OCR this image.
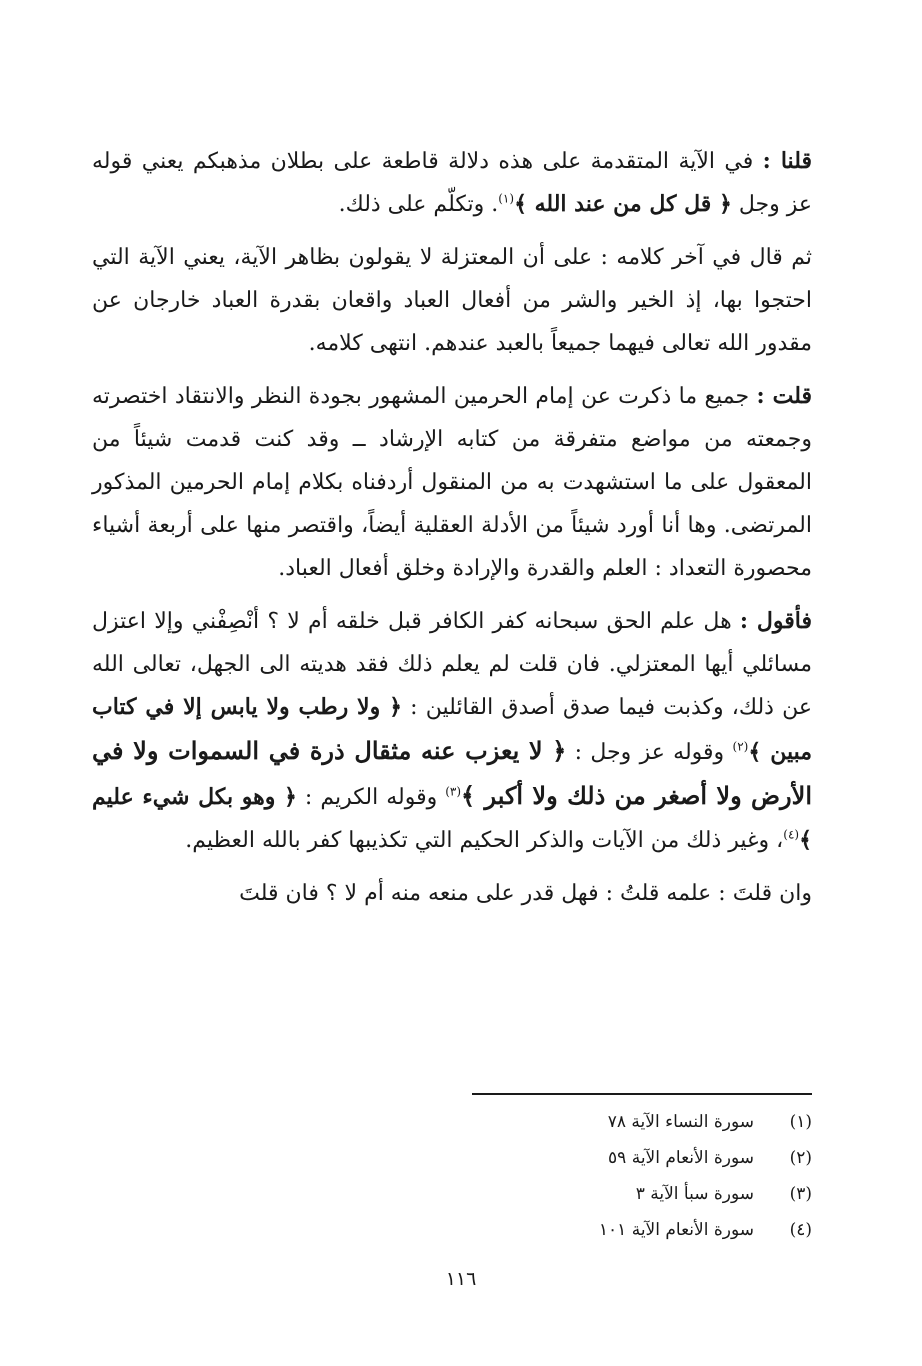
قلنا : في الآية المتقدمة على هذه دلالة قاطعة على بطلان مذهبكم يعني قوله عز وجل ﴿ قل كل من عند الله ﴾$^{(١)}$. وتكلّم على ذلك.

ثم قال في آخر كلامه : على أن المعتزلة لا يقولون بظاهر الآية، يعني الآية التي احتجوا بها، إذ الخير والشر من أفعال العباد واقعان بقدرة العباد خارجان عن مقدور الله تعالى فيهما جميعاً بالعبد عندهم. انتهى كلامه.

قلت : جميع ما ذكرت عن إمام الحرمين المشهور بجودة النظر والانتقاد اختصرته وجمعته من مواضع متفرقة من كتابه الإرشاد ــ وقد كنت قدمت شيئاً من المعقول على ما استشهدت به من المنقول أردفناه بكلام إمام الحرمين المذكور المرتضى. وها أنا أورد شيئاً من الأدلة العقلية أيضاً، واقتصر منها على أربعة أشياء محصورة التعداد : العلم والقدرة والإرادة وخلق أفعال العباد.

فأقول : هل علم الحق سبحانه كفر الكافر قبل خلقه أم لا ؟ أنْصِفْني وإلا اعتزل مسائلي أيها المعتزلي. فان قلت لم يعلم ذلك فقد هديته الى الجهل، تعالى الله عن ذلك، وكذبت فيما صدق أصدق القائلين : ﴿ ولا رطب ولا يابس إلا في كتاب مبين ﴾$^{(٢)}$ وقوله عز وجل : ﴿ لا يعزب عنه مثقال ذرة في السموات ولا في الأرض ولا أصغر من ذلك ولا أكبر ﴾$^{(٣)}$ وقوله الكريم : ﴿ وهو بكل شيء عليم ﴾$^{(٤)}$، وغير ذلك من الآيات والذكر الحكيم التي تكذيبها كفر بالله العظيم.

وان قلتَ : علمه قلتُ : فهل قدر على منعه منه أم لا ؟ فان قلتَ

(١)
سورة النساء الآية ٧٨
(٢)
سورة الأنعام الآية ٥٩
(٣)
سورة سبأ الآية ٣
(٤)
سورة الأنعام الآية ١٠١
١١٦
